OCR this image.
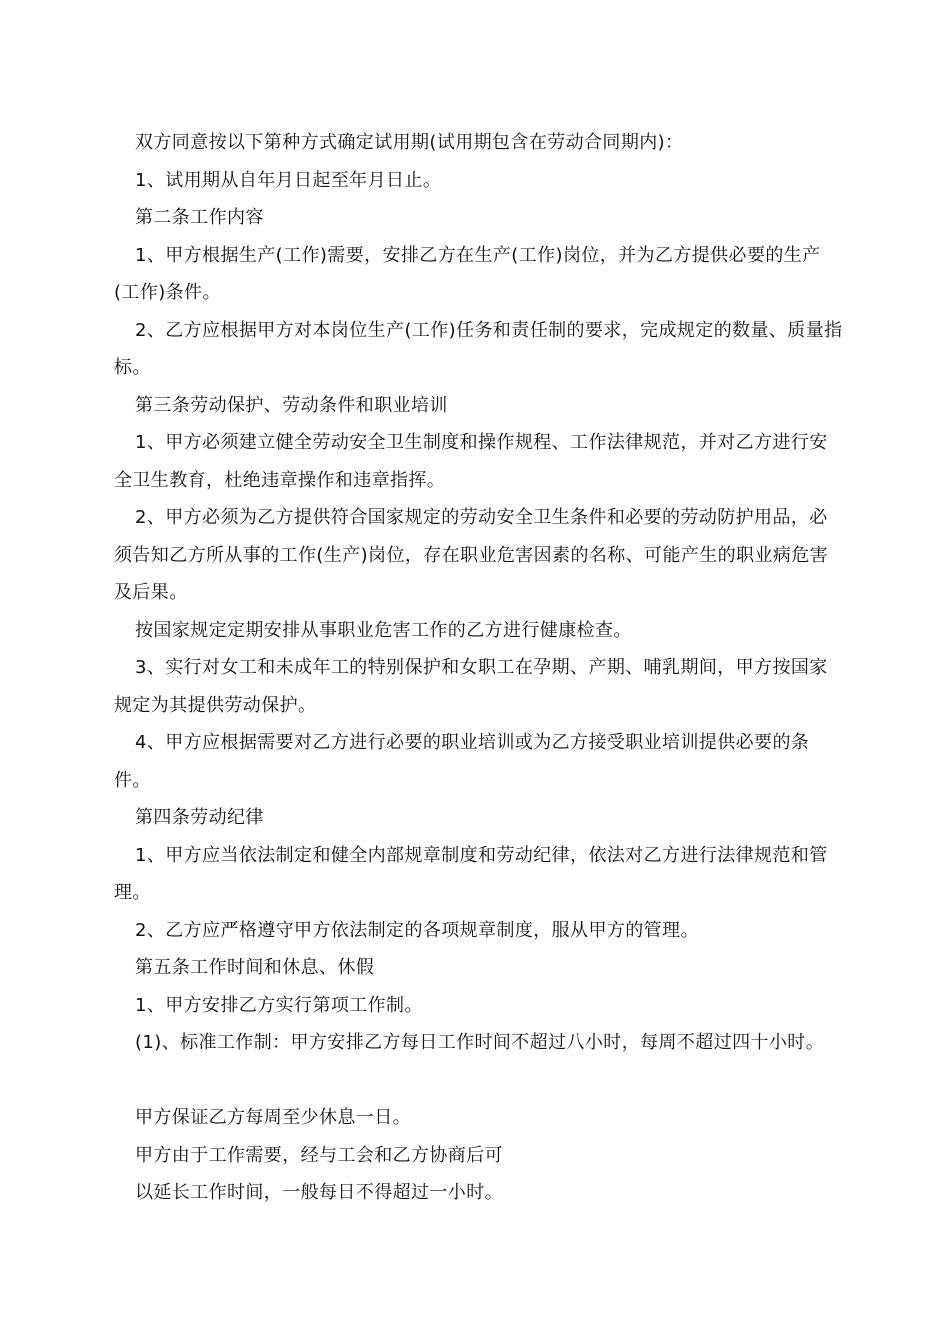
双方同意按以下第种方式确定试用期(试用期包含在劳动合同期内)：

1、试用期从自年月日起至年月日止。

第二条工作内容

1、甲方根据生产(工作)需要，安排乙方在生产(工作)岗位，并为乙方提供必要的生产(工作)条件。

2、乙方应根据甲方对本岗位生产(工作)任务和责任制的要求，完成规定的数量、质量指标。

第三条劳动保护、劳动条件和职业培训

1、甲方必须建立健全劳动安全卫生制度和操作规程、工作法律规范，并对乙方进行安全卫生教育，杜绝违章操作和违章指挥。

2、甲方必须为乙方提供符合国家规定的劳动安全卫生条件和必要的劳动防护用品，必须告知乙方所从事的工作(生产)岗位，存在职业危害因素的名称、可能产生的职业病危害及后果。

按国家规定定期安排从事职业危害工作的乙方进行健康检查。

3、实行对女工和未成年工的特别保护和女职工在孕期、产期、哺乳期间，甲方按国家规定为其提供劳动保护。

4、甲方应根据需要对乙方进行必要的职业培训或为乙方接受职业培训提供必要的条件。

第四条劳动纪律

1、甲方应当依法制定和健全内部规章制度和劳动纪律，依法对乙方进行法律规范和管理。

2、乙方应严格遵守甲方依法制定的各项规章制度，服从甲方的管理。

第五条工作时间和休息、休假

1、甲方安排乙方实行第项工作制。

(1)、标准工作制：甲方安排乙方每日工作时间不超过八小时，每周不超过四十小时。

甲方保证乙方每周至少休息一日。

甲方由于工作需要，经与工会和乙方协商后可

以延长工作时间，一般每日不得超过一小时。
